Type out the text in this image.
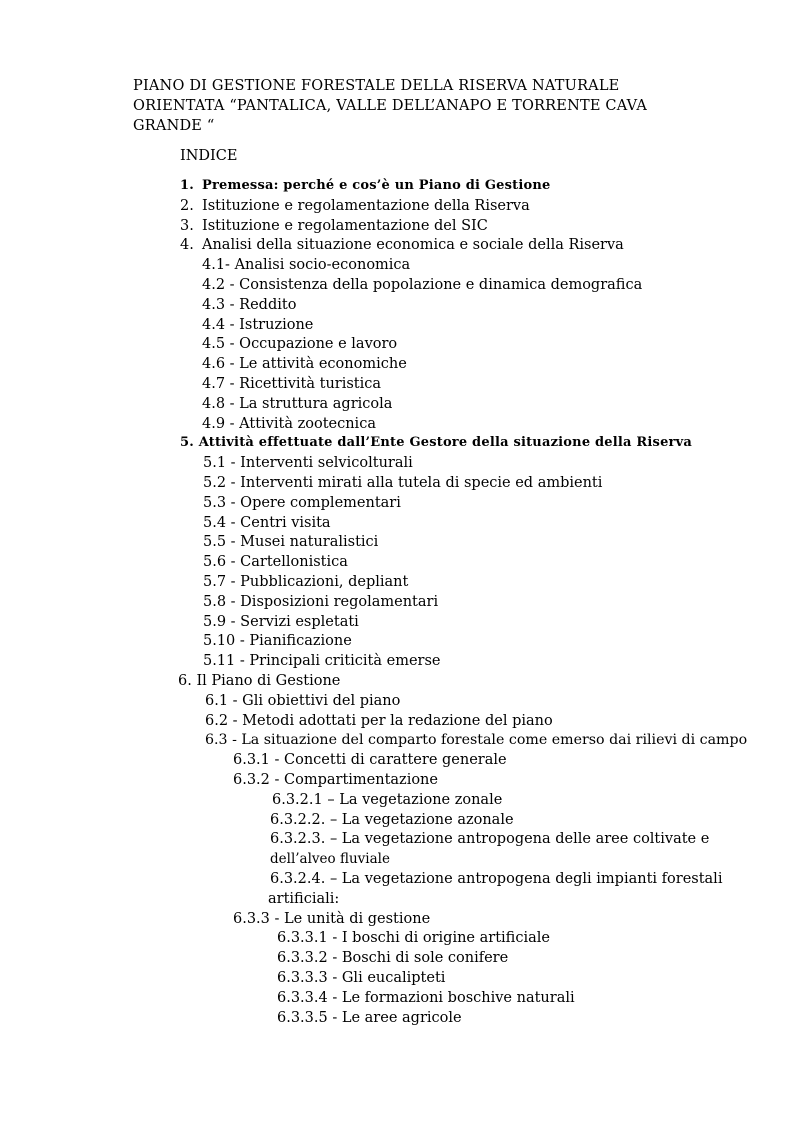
PIANO DI GESTIONE FORESTALE DELLA RISERVA NATURALE
ORIENTATA “PANTALICA, VALLE DELL’ANAPO E TORRENTE CAVA
GRANDE “
INDICE
1. Premessa: perché e cos’è un Piano di Gestione
2. Istituzione e regolamentazione della Riserva
3. Istituzione e regolamentazione del SIC
4. Analisi della situazione economica e sociale della Riserva
4.1- Analisi socio-economica
4.2 - Consistenza della popolazione e dinamica demografica
4.3 - Reddito
4.4 - Istruzione
4.5 - Occupazione e lavoro
4.6 - Le attività economiche
4.7 - Ricettività turistica
4.8 - La struttura agricola
4.9 - Attività zootecnica
5. Attività effettuate dall’Ente Gestore della situazione della Riserva
5.1 - Interventi selvicolturali
5.2 - Interventi mirati alla tutela di specie ed ambienti
5.3 - Opere complementari
5.4 - Centri visita
5.5 - Musei naturalistici
5.6 - Cartellonistica
5.7 - Pubblicazioni, depliant
5.8 - Disposizioni regolamentari
5.9 - Servizi espletati
5.10 - Pianificazione
5.11 - Principali criticità emerse
6. Il Piano di Gestione
6.1 - Gli obiettivi del piano
6.2 - Metodi adottati per la redazione del piano
6.3 - La situazione del comparto forestale come emerso dai rilievi di campo
6.3.1 - Concetti di carattere generale
6.3.2 - Compartimentazione
6.3.2.1 – La vegetazione zonale
6.3.2.2. – La vegetazione azonale
6.3.2.3. – La vegetazione antropogena delle aree coltivate e
dell’alveo fluviale
6.3.2.4. – La vegetazione antropogena degli impianti forestali
artificiali:
6.3.3 - Le unità di gestione
6.3.3.1 - I boschi di origine artificiale
6.3.3.2 - Boschi di sole conifere
6.3.3.3 - Gli eucalipteti
6.3.3.4 - Le formazioni boschive naturali
6.3.3.5 - Le aree agricole
